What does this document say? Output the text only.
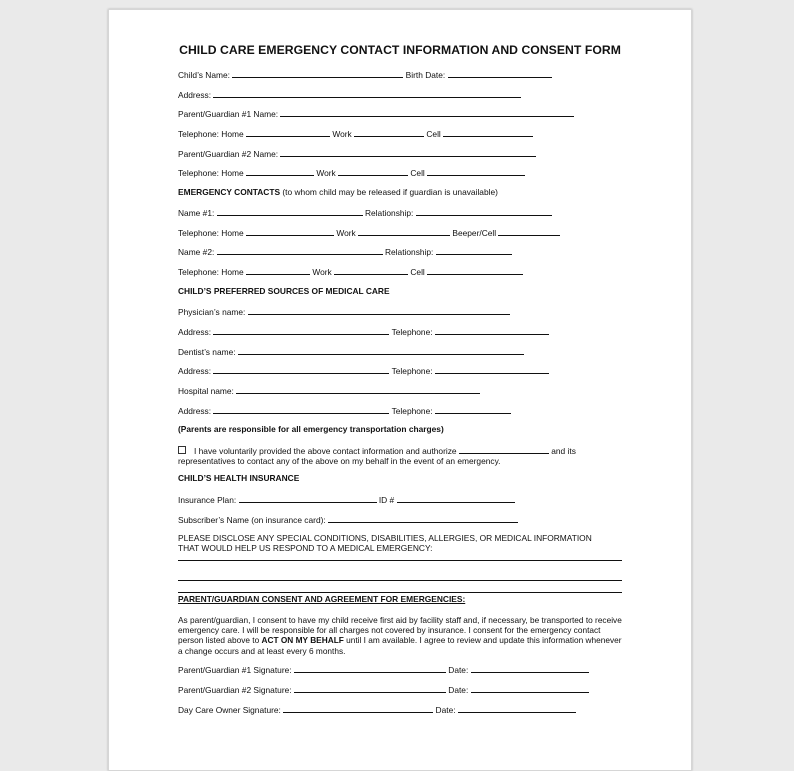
CHILD CARE EMERGENCY CONTACT INFORMATION AND CONSENT FORM
Child’s Name:	Birth Date:
Address:
Parent/Guardian #1 Name:
Telephone: Home	Work	Cell
Parent/Guardian #2 Name:
Telephone: Home	Work	Cell
EMERGENCY CONTACTS (to whom child may be released if guardian is unavailable)
Name #1:	Relationship:
Telephone: Home	Work	Beeper/Cell
Name #2:	Relationship:
Telephone: Home	Work	Cell
CHILD’S PREFERRED SOURCES OF MEDICAL CARE
Physician’s name:
Address:	Telephone:
Dentist’s name:
Address:	Telephone:
Hospital name:
Address:	Telephone:
(Parents are responsible for all emergency transportation charges)
I have voluntarily provided the above contact information and authorize	and its
representatives to contact any of the above on my behalf in the event of an emergency.
CHILD’S HEALTH INSURANCE
Insurance Plan:	ID #
Subscriber’s Name (on insurance card):
PLEASE DISCLOSE ANY SPECIAL CONDITIONS, DISABILITIES, ALLERGIES, OR MEDICAL INFORMATION
THAT WOULD HELP US RESPOND TO A MEDICAL EMERGENCY:
PARENT/GUARDIAN CONSENT AND AGREEMENT FOR EMERGENCIES:
As parent/guardian, I consent to have my child receive first aid by facility staff and, if necessary, be transported to receive emergency care. I will be responsible for all charges not covered by insurance. I consent for the emergency contact person listed above to ACT ON MY BEHALF until I am available. I agree to review and update this information whenever a change occurs and at least every 6 months.
Parent/Guardian #1 Signature:	Date:
Parent/Guardian #2 Signature:	Date:
Day Care Owner Signature:	Date:
